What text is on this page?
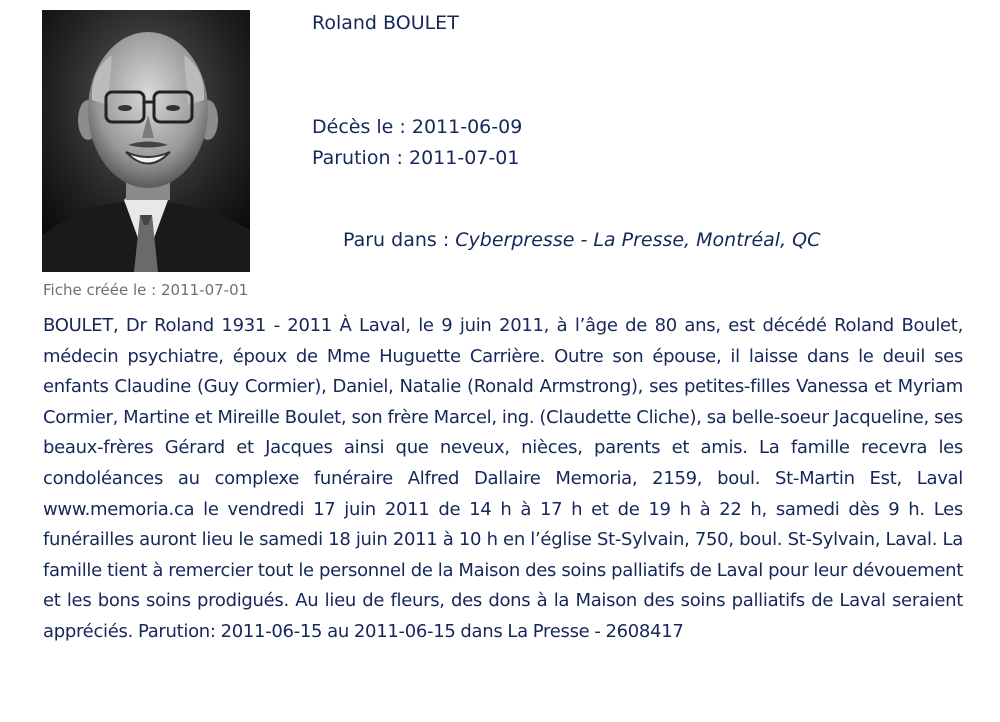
Roland BOULET
Décès le : 2011-06-09
Parution : 2011-07-01
Paru dans : Cyberpresse - La Presse, Montréal, QC
Fiche créée le : 2011-07-01
BOULET, Dr Roland 1931 - 2011 À Laval, le 9 juin 2011, à l’âge de 80 ans, est décédé Roland Boulet, médecin psychiatre, époux de Mme Huguette Carrière. Outre son épouse, il laisse dans le deuil ses enfants Claudine (Guy Cormier), Daniel, Natalie (Ronald Armstrong), ses petites-filles Vanessa et Myriam Cormier, Martine et Mireille Boulet, son frère Marcel, ing. (Claudette Cliche), sa belle-soeur Jacqueline, ses beaux-frères Gérard et Jacques ainsi que neveux, nièces, parents et amis. La famille recevra les condoléances au complexe funéraire Alfred Dallaire Memoria, 2159, boul. St-Martin Est, Laval www.memoria.ca le vendredi 17 juin 2011 de 14 h à 17 h et de 19 h à 22 h, samedi dès 9 h. Les funérailles auront lieu le samedi 18 juin 2011 à 10 h en l’église St-Sylvain, 750, boul. St-Sylvain, Laval. La famille tient à remercier tout le personnel de la Maison des soins palliatifs de Laval pour leur dévouement et les bons soins prodigués. Au lieu de fleurs, des dons à la Maison des soins palliatifs de Laval seraient appréciés. Parution: 2011-06-15 au 2011-06-15 dans La Presse - 2608417
